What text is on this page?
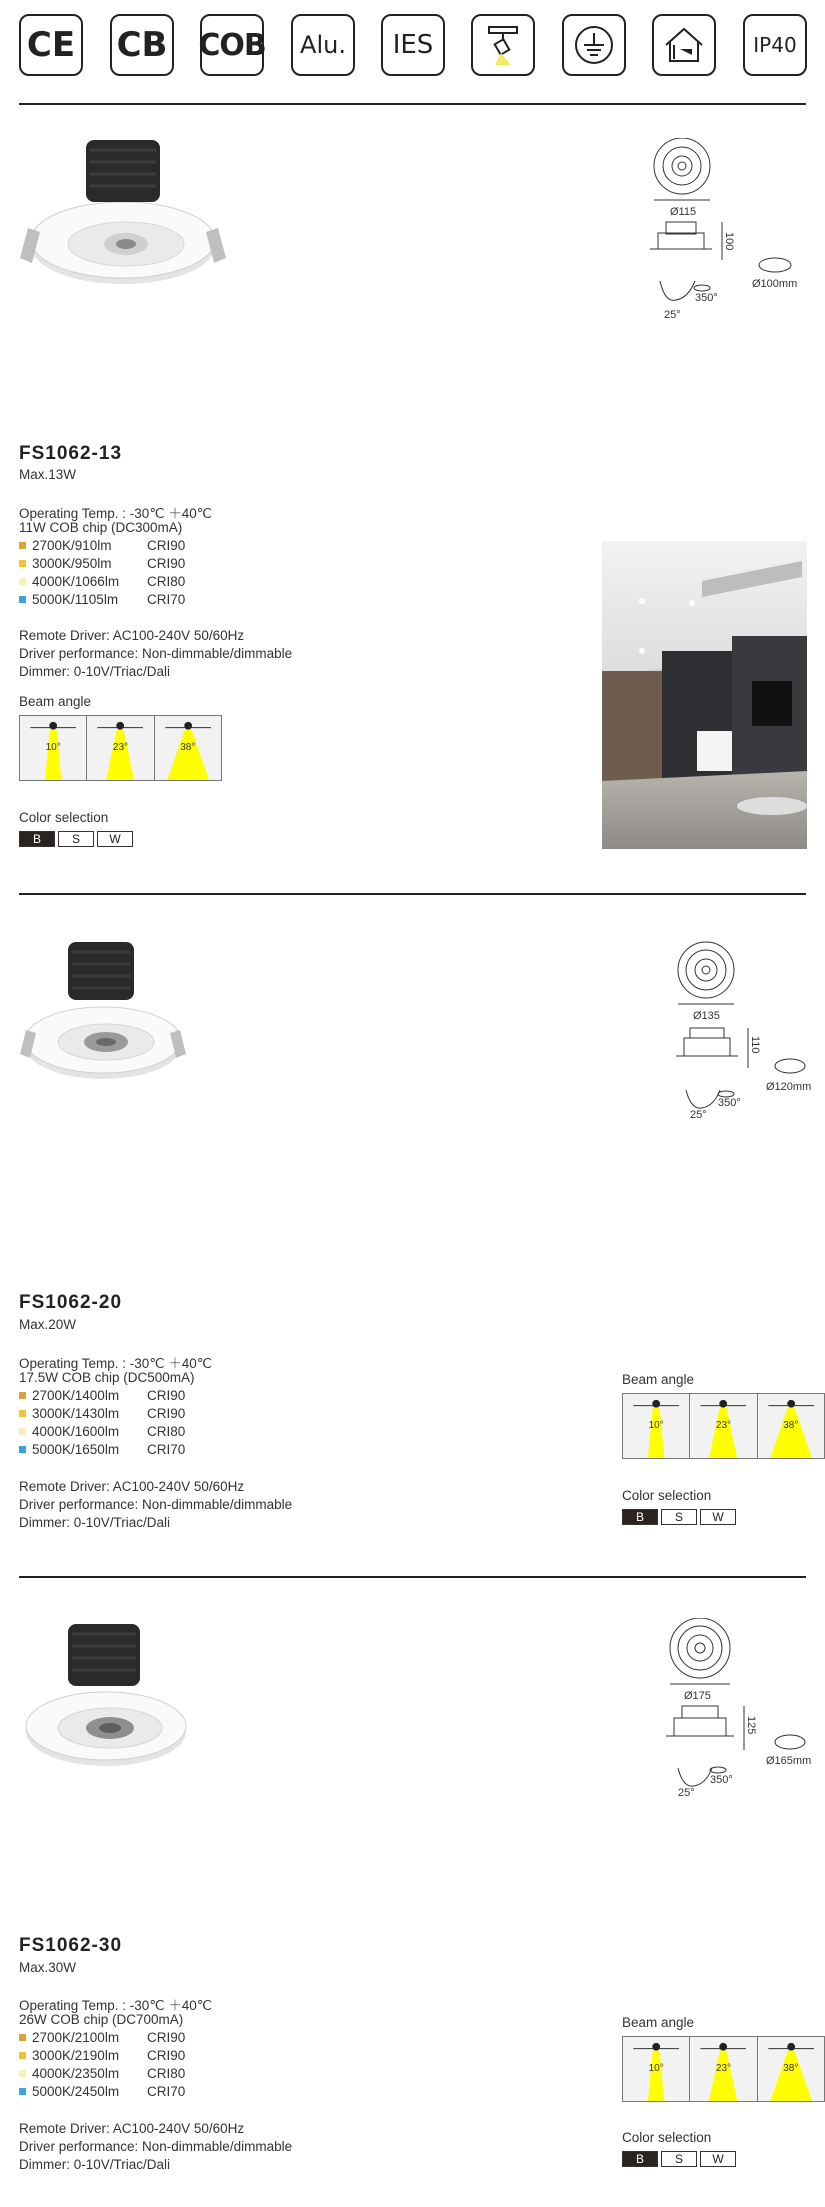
CE CB COB Alu. IES	IP40
Ø115
100
25°
350°
Ø100mm
FS1062-13
Max.13W
Operating Temp. : -30℃ ＋40℃
11W COB chip (DC300mA)
2700K/910lm	CRI90
3000K/950lm	CRI90
4000K/1066lm CRI80
5000K/1105lm CRI70
Remote Driver: AC100-240V 50/60Hz
Driver performance: Non-dimmable/dimmable
Dimmer: 0-10V/Triac/Dali
Beam angle
10°	23°	38°
Color selection
B	S	W
Ø135
110
25°
350°
Ø120mm
FS1062-20
Max.20W
Operating Temp. : -30℃ ＋40℃
17.5W COB chip (DC500mA)
2700K/1400lm CRI90
3000K/1430lm CRI90
4000K/1600lm CRI80
5000K/1650lm CRI70
Remote Driver: AC100-240V 50/60Hz
Driver performance: Non-dimmable/dimmable
Dimmer: 0-10V/Triac/Dali
Beam angle
10°	23°	38°
Color selection
B	S	W
Ø175
125
25°
350°
Ø165mm
FS1062-30
Max.30W
Operating Temp. : -30℃ ＋40℃
26W COB chip (DC700mA)
2700K/2100lm CRI90
3000K/2190lm CRI90
4000K/2350lm CRI80
5000K/2450lm CRI70
Remote Driver: AC100-240V 50/60Hz
Driver performance: Non-dimmable/dimmable
Dimmer: 0-10V/Triac/Dali
Beam angle
10°	23°	38°
Color selection
B	S	W
